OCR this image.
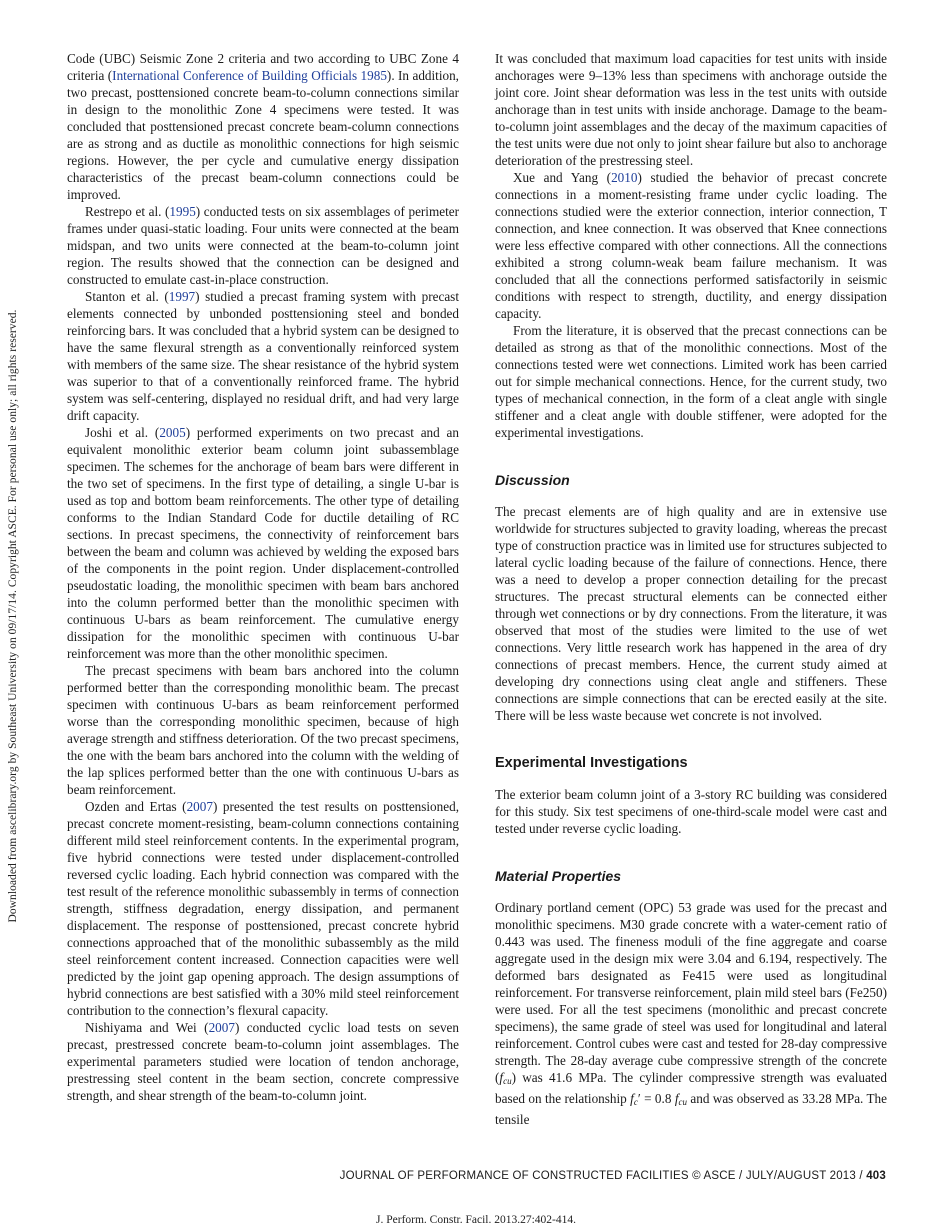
Downloaded from ascelibrary.org by Southeast University on 09/17/14. Copyright ASCE. For personal use only; all rights reserved.

Code (UBC) Seismic Zone 2 criteria and two according to UBC Zone 4 criteria (International Conference of Building Officials 1985). In addition, two precast, posttensioned concrete beam-to-column connections similar in design to the monolithic Zone 4 specimens were tested. It was concluded that posttensioned precast concrete beam-column connections are as strong and as ductile as monolithic connections for high seismic regions. However, the per cycle and cumulative energy dissipation characteristics of the precast beam-column connections could be improved.

Restrepo et al. (1995) conducted tests on six assemblages of perimeter frames under quasi-static loading. Four units were connected at the beam midspan, and two units were connected at the beam-to-column joint region. The results showed that the connection can be designed and constructed to emulate cast-in-place construction.

Stanton et al. (1997) studied a precast framing system with precast elements connected by unbonded posttensioning steel and bonded reinforcing bars. It was concluded that a hybrid system can be designed to have the same flexural strength as a conventionally reinforced system with members of the same size. The shear resistance of the hybrid system was superior to that of a conventionally reinforced frame. The hybrid system was self-centering, displayed no residual drift, and had very large drift capacity.

Joshi et al. (2005) performed experiments on two precast and an equivalent monolithic exterior beam column joint subassemblage specimen. The schemes for the anchorage of beam bars were different in the two set of specimens. In the first type of detailing, a single U-bar is used as top and bottom beam reinforcements. The other type of detailing conforms to the Indian Standard Code for ductile detailing of RC sections. In precast specimens, the connectivity of reinforcement bars between the beam and column was achieved by welding the exposed bars of the components in the point region. Under displacement-controlled pseudostatic loading, the monolithic specimen with beam bars anchored into the column performed better than the monolithic specimen with continuous U-bars as beam reinforcement. The cumulative energy dissipation for the monolithic specimen with continuous U-bar reinforcement was more than the other monolithic specimen.

The precast specimens with beam bars anchored into the column performed better than the corresponding monolithic beam. The precast specimen with continuous U-bars as beam reinforcement performed worse than the corresponding monolithic specimen, because of high average strength and stiffness deterioration. Of the two precast specimens, the one with the beam bars anchored into the column with the welding of the lap splices performed better than the one with continuous U-bars as beam reinforcement.

Ozden and Ertas (2007) presented the test results on posttensioned, precast concrete moment-resisting, beam-column connections containing different mild steel reinforcement contents. In the experimental program, five hybrid connections were tested under displacement-controlled reversed cyclic loading. Each hybrid connection was compared with the test result of the reference monolithic subassembly in terms of connection strength, stiffness degradation, energy dissipation, and permanent displacement. The response of posttensioned, precast concrete hybrid connections approached that of the monolithic subassembly as the mild steel reinforcement content increased. Connection capacities were well predicted by the joint gap opening approach. The design assumptions of hybrid connections are best satisfied with a 30% mild steel reinforcement contribution to the connection’s flexural capacity.

Nishiyama and Wei (2007) conducted cyclic load tests on seven precast, prestressed concrete beam-to-column joint assemblages. The experimental parameters studied were location of tendon anchorage, prestressing steel content in the beam section, concrete compressive strength, and shear strength of the beam-to-column joint.

It was concluded that maximum load capacities for test units with inside anchorages were 9–13% less than specimens with anchorage outside the joint core. Joint shear deformation was less in the test units with outside anchorage than in test units with inside anchorage. Damage to the beam-to-column joint assemblages and the decay of the maximum capacities of the test units were due not only to joint shear failure but also to anchorage deterioration of the prestressing steel.

Xue and Yang (2010) studied the behavior of precast concrete connections in a moment-resisting frame under cyclic loading. The connections studied were the exterior connection, interior connection, T connection, and knee connection. It was observed that Knee connections were less effective compared with other connections. All the connections exhibited a strong column-weak beam failure mechanism. It was concluded that all the connections performed satisfactorily in seismic conditions with respect to strength, ductility, and energy dissipation capacity.

From the literature, it is observed that the precast connections can be detailed as strong as that of the monolithic connections. Most of the connections tested were wet connections. Limited work has been carried out for simple mechanical connections. Hence, for the current study, two types of mechanical connection, in the form of a cleat angle with single stiffener and a cleat angle with double stiffener, were adopted for the experimental investigations.

Discussion

The precast elements are of high quality and are in extensive use worldwide for structures subjected to gravity loading, whereas the precast type of construction practice was in limited use for structures subjected to lateral cyclic loading because of the failure of connections. Hence, there was a need to develop a proper connection detailing for the precast structures. The precast structural elements can be connected either through wet connections or by dry connections. From the literature, it was observed that most of the studies were limited to the use of wet connections. Very little research work has happened in the area of dry connections of precast members. Hence, the current study aimed at developing dry connections using cleat angle and stiffeners. These connections are simple connections that can be erected easily at the site. There will be less waste because wet concrete is not involved.

Experimental Investigations

The exterior beam column joint of a 3-story RC building was considered for this study. Six test specimens of one-third-scale model were cast and tested under reverse cyclic loading.

Material Properties

Ordinary portland cement (OPC) 53 grade was used for the precast and monolithic specimens. M30 grade concrete with a water-cement ratio of 0.443 was used. The fineness moduli of the fine aggregate and coarse aggregate used in the design mix were 3.04 and 6.194, respectively. The deformed bars designated as Fe415 were used as longitudinal reinforcement. For transverse reinforcement, plain mild steel bars (Fe250) were used. For all the test specimens (monolithic and precast concrete specimens), the same grade of steel was used for longitudinal and lateral reinforcement. Control cubes were cast and tested for 28-day compressive strength. The 28-day average cube compressive strength of the concrete $(f_{cu})$ was 41.6 MPa. The cylinder compressive strength was evaluated based on the relationship $f_c' = 0.8$ $f_{cu}$ and was observed as 33.28 MPa. The tensile

JOURNAL OF PERFORMANCE OF CONSTRUCTED FACILITIES © ASCE / JULY/AUGUST 2013 / 403
J. Perform. Constr. Facil. 2013.27:402-414.
